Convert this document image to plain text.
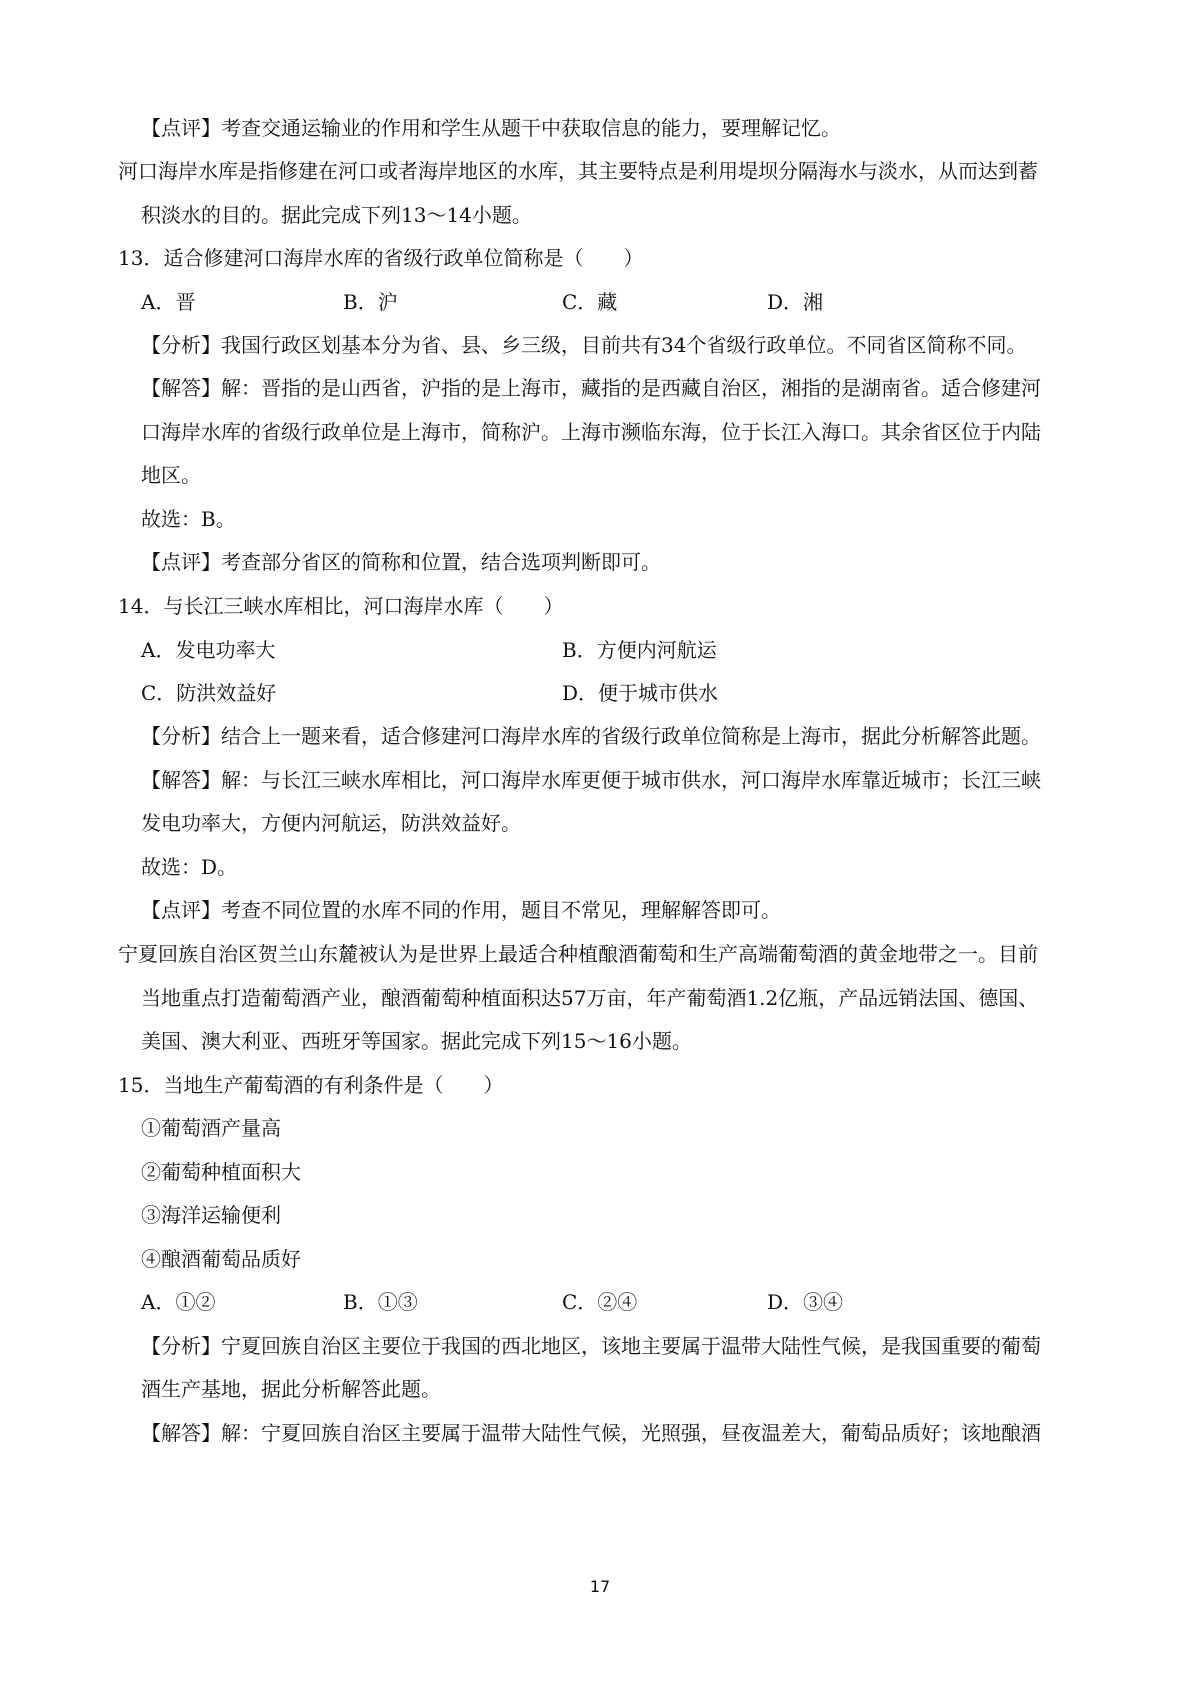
【点评】考查交通运输业的作用和学生从题干中获取信息的能力，要理解记忆。
河口海岸水库是指修建在河口或者海岸地区的水库，其主要特点是利用堤坝分隔海水与淡水，从而达到蓄
积淡水的目的。据此完成下列13～14小题。
13．适合修建河口海岸水库的省级行政单位简称是（　　）
A．晋	B．沪	C．藏	D．湘
【分析】我国行政区划基本分为省、县、乡三级，目前共有34个省级行政单位。不同省区简称不同。
【解答】解：晋指的是山西省，沪指的是上海市，藏指的是西藏自治区，湘指的是湖南省。适合修建河
口海岸水库的省级行政单位是上海市，简称沪。上海市濒临东海，位于长江入海口。其余省区位于内陆
地区。
故选：B。
【点评】考查部分省区的简称和位置，结合选项判断即可。
14．与长江三峡水库相比，河口海岸水库（　　）
A．发电功率大	B．方便内河航运
C．防洪效益好	D．便于城市供水
【分析】结合上一题来看，适合修建河口海岸水库的省级行政单位简称是上海市，据此分析解答此题。
【解答】解：与长江三峡水库相比，河口海岸水库更便于城市供水，河口海岸水库靠近城市；长江三峡
发电功率大，方便内河航运，防洪效益好。
故选：D。
【点评】考查不同位置的水库不同的作用，题目不常见，理解解答即可。
宁夏回族自治区贺兰山东麓被认为是世界上最适合种植酿酒葡萄和生产高端葡萄酒的黄金地带之一。目前
当地重点打造葡萄酒产业，酿酒葡萄种植面积达57万亩，年产葡萄酒1.2亿瓶，产品远销法国、德国、
美国、澳大利亚、西班牙等国家。据此完成下列15～16小题。
15．当地生产葡萄酒的有利条件是（　　）
①葡萄酒产量高
②葡萄种植面积大
③海洋运输便利
④酿酒葡萄品质好
A．①②	B．①③	C．②④	D．③④
【分析】宁夏回族自治区主要位于我国的西北地区，该地主要属于温带大陆性气候，是我国重要的葡萄
酒生产基地，据此分析解答此题。
【解答】解：宁夏回族自治区主要属于温带大陆性气候，光照强，昼夜温差大，葡萄品质好；该地酿酒
17
